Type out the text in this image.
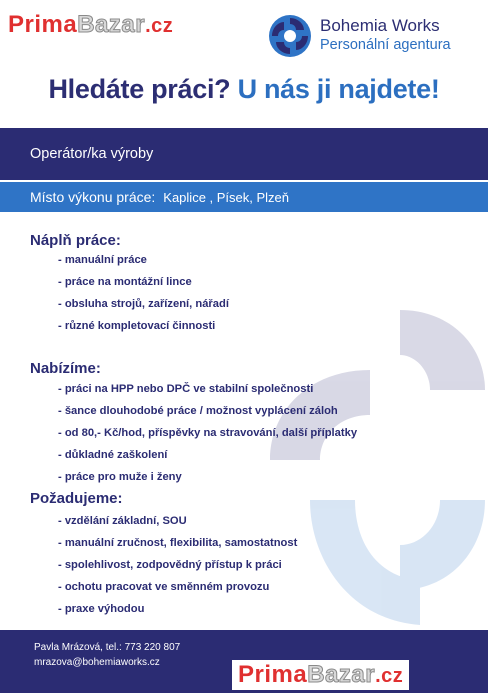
PrimaBazar.cz	Bohemia Works
Personální agentura
Hledáte práci? U nás ji najdete!
Operátor/ka výroby
Místo výkonu práce: Kaplice , Písek, Plzeň
Náplň práce:
- manuální práce
- práce na montážní lince
- obsluha strojů, zařízení, nářadí
- různé kompletovací činnosti
Nabízíme:
- práci na HPP nebo DPČ ve stabilní společnosti
- šance dlouhodobé práce / možnost vyplácení záloh
- od 80,- Kč/hod, příspěvky na stravování, další příplatky
- důkladné zaškolení
- práce pro muže i ženy
Požadujeme:
- vzdělání základní, SOU
- manuální zručnost, flexibilita, samostatnost
- spolehlivost, zodpovědný přístup k práci
- ochotu pracovat ve směnném provozu
- praxe výhodou
Pavla Mrázová, tel.: 773 220 807
mrazova@bohemiaworks.cz	PrimaBazar.cz
